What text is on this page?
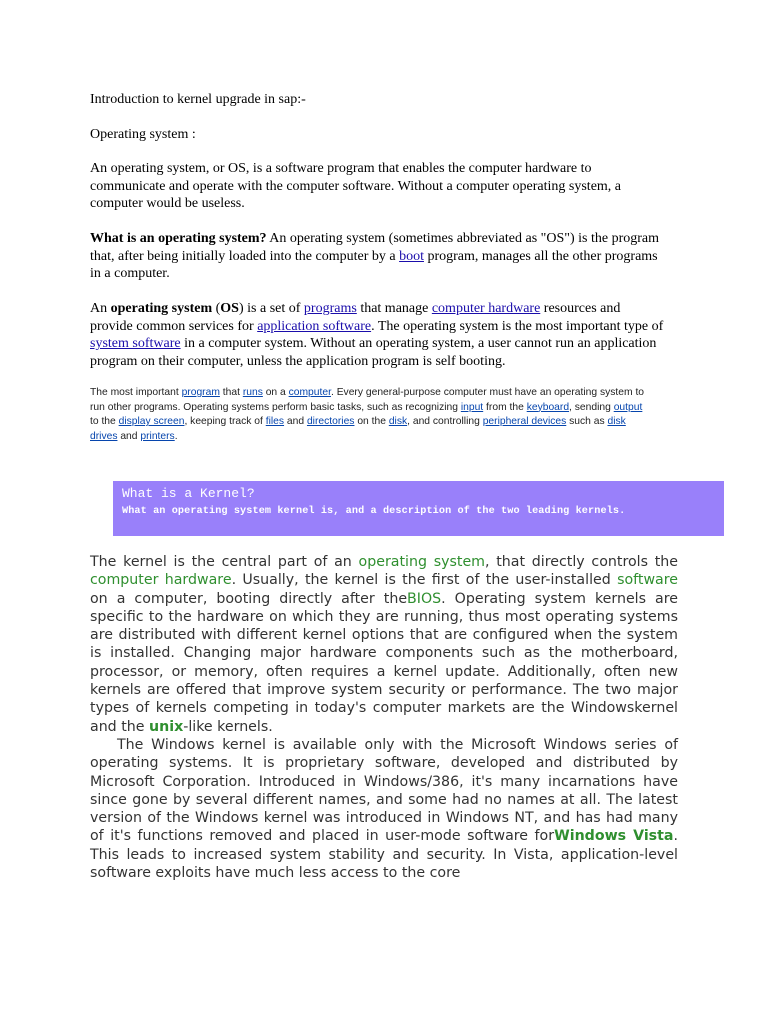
Introduction to kernel upgrade in sap:-

Operating system :

An operating system, or OS, is a software program that enables the computer hardware to communicate and operate with the computer software. Without a computer operating system, a computer would be useless.

What is an operating system? An operating system (sometimes abbreviated as "OS") is the program that, after being initially loaded into the computer by a boot program, manages all the other programs in a computer.

An operating system (OS) is a set of programs that manage computer hardware resources and provide common services for application software. The operating system is the most important type of system software in a computer system. Without an operating system, a user cannot run an application program on their computer, unless the application program is self booting.

The most important program that runs on a computer. Every general-purpose computer must have an operating system to run other programs. Operating systems perform basic tasks, such as recognizing input from the keyboard, sending output to the display screen, keeping track of files and directories on the disk, and controlling peripheral devices such as disk drives and printers.

What is a Kernel?
What an operating system kernel is, and a description of the two leading kernels.

The kernel is the central part of an operating system, that directly controls the computer hardware. Usually, the kernel is the first of the user-installed software on a computer, booting directly after theBIOS. Operating system kernels are specific to the hardware on which they are running, thus most operating systems are distributed with different kernel options that are configured when the system is installed. Changing major hardware components such as the motherboard, processor, or memory, often requires a kernel update. Additionally, often new kernels are offered that improve system security or performance. The two major types of kernels competing in today's computer markets are the Windowskernel and the unix-like kernels.

The Windows kernel is available only with the Microsoft Windows series of operating systems. It is proprietary software, developed and distributed by Microsoft Corporation. Introduced in Windows/386, it's many incarnations have since gone by several different names, and some had no names at all. The latest version of the Windows kernel was introduced in Windows NT, and has had many of it's functions removed and placed in user-mode software forWindows Vista. This leads to increased system stability and security. In Vista, application-level software exploits have much less access to the core
